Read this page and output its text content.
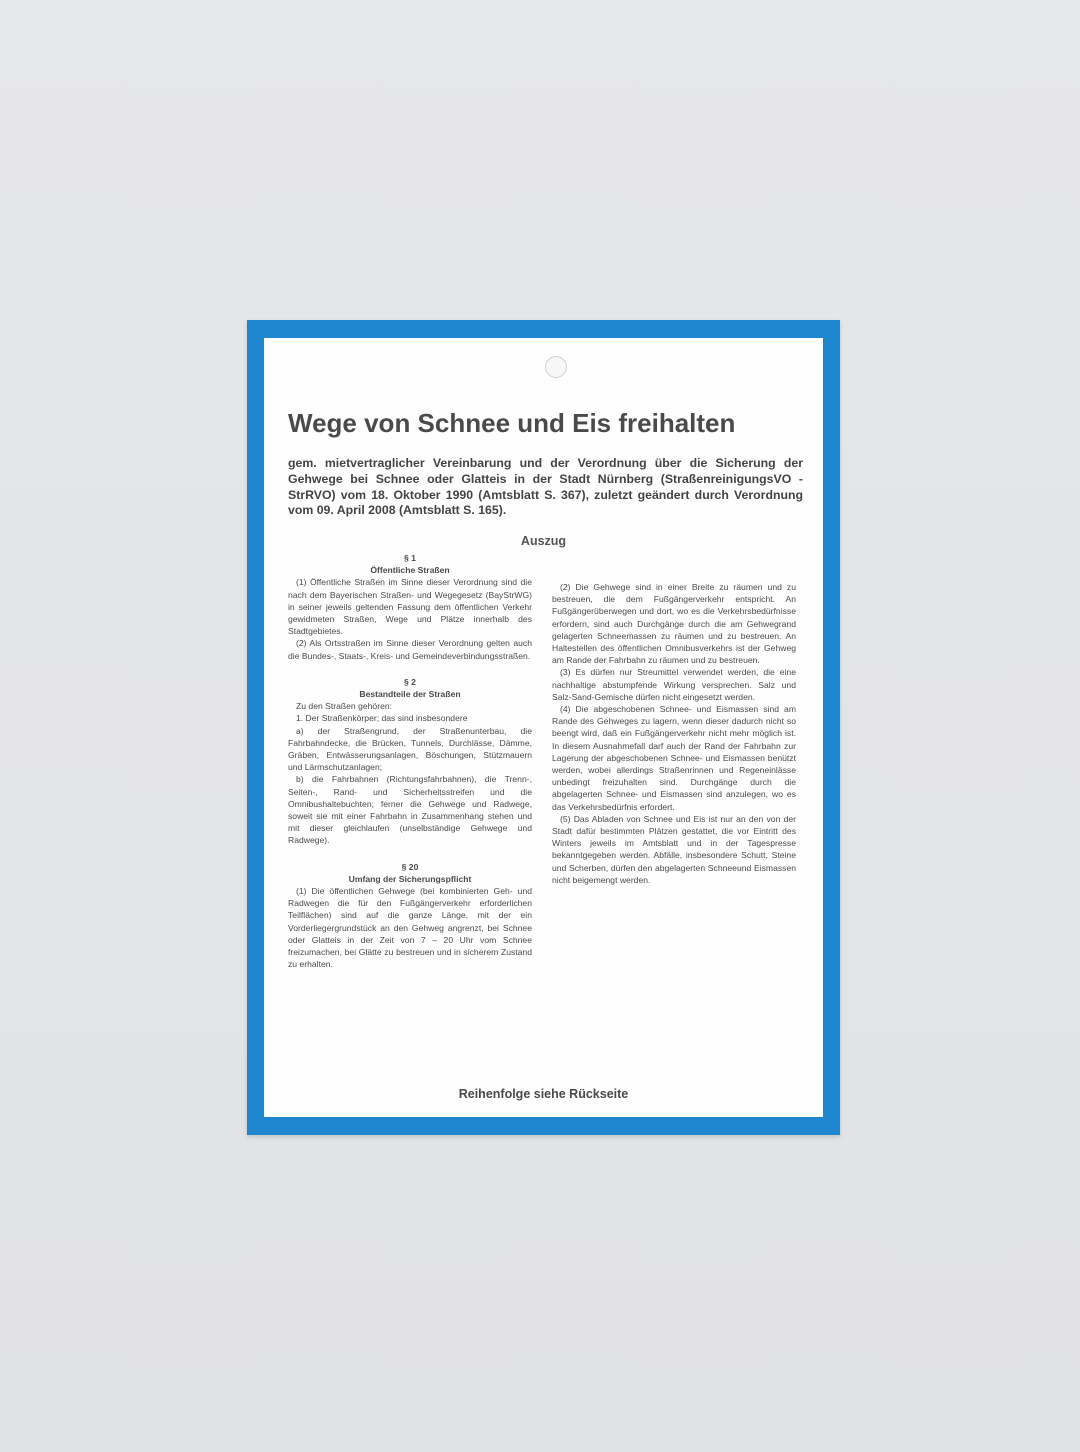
Wege von Schnee und Eis freihalten
gem. mietvertraglicher Vereinbarung und der Verordnung über die Sicherung der Gehwege bei Schnee oder Glatteis in der Stadt Nürnberg (StraßenreinigungsVO - StrRVO) vom 18. Oktober 1990 (Amtsblatt S. 367), zuletzt geändert durch Verordnung vom 09. April 2008 (Amtsblatt S. 165).
Auszug

§ 1

Öffentliche Straßen

(1) Öffentliche Straßen im Sinne dieser Verordnung sind die nach dem Bayerischen Straßen- und Wegegesetz (BayStrWG) in seiner jeweils geltenden Fassung dem öffentlichen Verkehr gewidmeten Straßen, Wege und Plätze innerhalb des Stadtgebietes.

(2) Als Ortsstraßen im Sinne dieser Verordnung gelten auch die Bundes-, Staats-, Kreis- und Gemeindeverbindungsstraßen.

§ 2

Bestandteile der Straßen

Zu den Straßen gehören:

1. Der Straßenkörper; das sind insbesondere

a) der Straßengrund, der Straßenunterbau, die Fahrbahndecke, die Brücken, Tunnels, Durchlässe, Dämme, Gräben, Entwässerungsanlagen, Böschungen, Stützmauern und Lärmschutzanlagen;

b) die Fahrbahnen (Richtungsfahrbahnen), die Trenn-, Seiten-, Rand- und Sicherheitsstreifen und die Omnibushaltebuchten; ferner die Gehwege und Radwege, soweit sie mit einer Fahrbahn in Zusammenhang stehen und mit dieser gleichlaufen (unselbständige Gehwege und Radwege).

§ 20

Umfang der Sicherungspflicht

(1) Die öffentlichen Gehwege (bei kombinierten Geh- und Radwegen die für den Fußgängerverkehr erforderlichen Teilflächen) sind auf die ganze Länge, mit der ein Vorderliegergrundstück an den Gehweg angrenzt, bei Schnee oder Glatteis in der Zeit von 7 – 20 Uhr vom Schnee freizumachen, bei Glätte zu bestreuen und in sicherem Zustand zu erhalten.

(2) Die Gehwege sind in einer Breite zu räumen und zu bestreuen, die dem Fußgängerverkehr entspricht. An Fußgängerüberwegen und dort, wo es die Verkehrsbedürfnisse erfordern, sind auch Durchgänge durch die am Gehwegrand gelagerten Schneemassen zu räumen und zu bestreuen. An Haltestellen des öffentlichen Omnibusverkehrs ist der Gehweg am Rande der Fahrbahn zu räumen und zu bestreuen.

(3) Es dürfen nur Streumittel verwendet werden, die eine nachhaltige abstumpfende Wirkung versprechen. Salz und Salz-Sand-Gemische dürfen nicht eingesetzt werden.

(4) Die abgeschobenen Schnee- und Eismassen sind am Rande des Gehweges zu lagern, wenn dieser dadurch nicht so beengt wird, daß ein Fußgängerverkehr nicht mehr möglich ist. In diesem Ausnahmefall darf auch der Rand der Fahrbahn zur Lagerung der abgeschobenen Schnee- und Eismassen benützt werden, wobei allerdings Straßenrinnen und Regeneinlässe unbedingt freizuhalten sind. Durchgänge durch die abgelagerten Schnee- und Eismassen sind anzulegen, wo es das Verkehrsbedürfnis erfordert.

(5) Das Abladen von Schnee und Eis ist nur an den von der Stadt dafür bestimmten Plätzen gestattet, die vor Eintritt des Winters jeweils im Amtsblatt und in der Tagespresse bekanntgegeben werden. Abfälle, insbesondere Schutt, Steine und Scherben, dürfen den abgelagerten Schneeund Eismassen nicht beigemengt werden.

Reihenfolge siehe Rückseite
